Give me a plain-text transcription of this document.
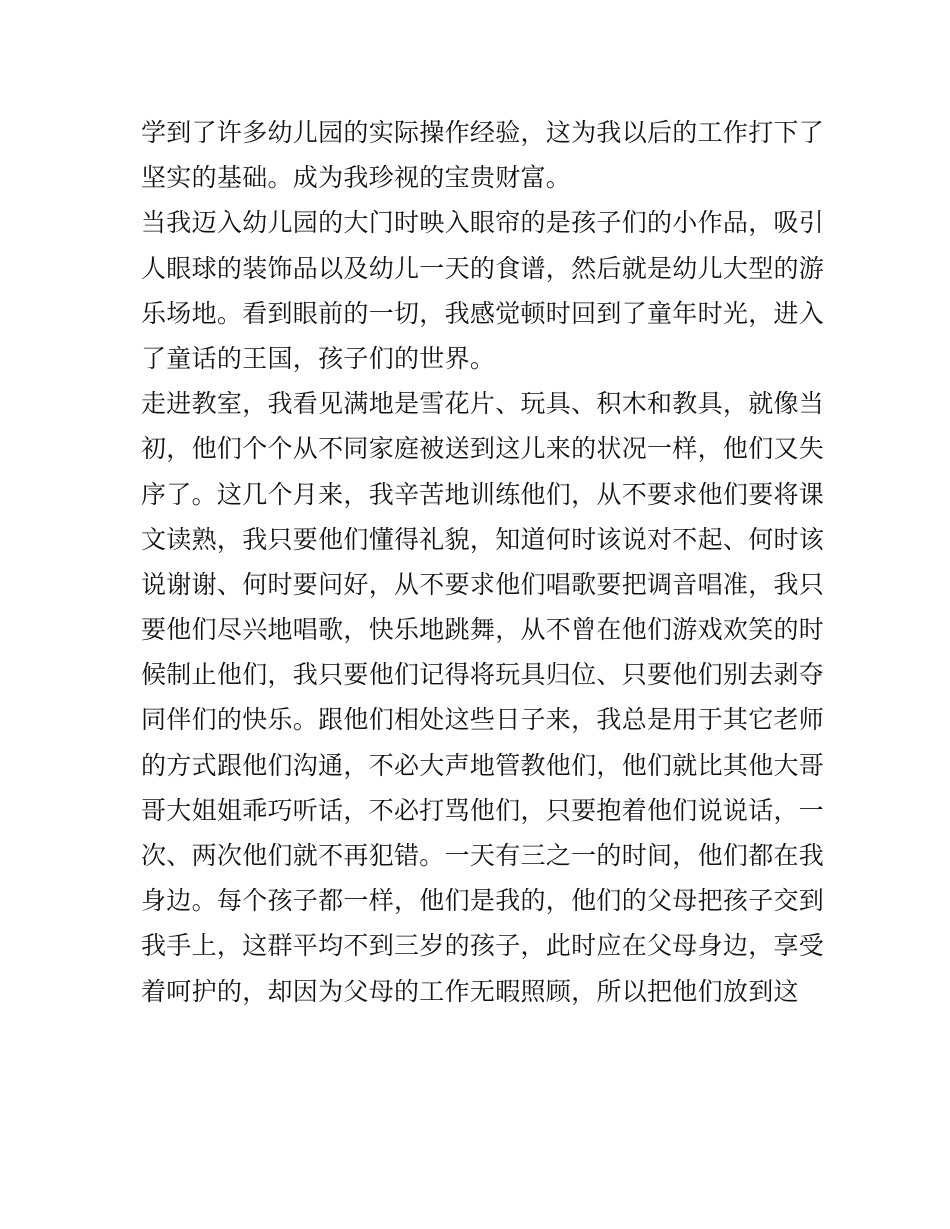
学到了许多幼儿园的实际操作经验，这为我以后的工作打下了
坚实的基础。成为我珍视的宝贵财富。
当我迈入幼儿园的大门时映入眼帘的是孩子们的小作品，吸引
人眼球的装饰品以及幼儿一天的食谱，然后就是幼儿大型的游
乐场地。看到眼前的一切，我感觉顿时回到了童年时光，进入
了童话的王国，孩子们的世界。
走进教室，我看见满地是雪花片、玩具、积木和教具，就像当
初，他们个个从不同家庭被送到这儿来的状况一样，他们又失
序了。这几个月来，我辛苦地训练他们，从不要求他们要将课
文读熟，我只要他们懂得礼貌，知道何时该说对不起、何时该
说谢谢、何时要问好，从不要求他们唱歌要把调音唱准，我只
要他们尽兴地唱歌，快乐地跳舞，从不曾在他们游戏欢笑的时
候制止他们，我只要他们记得将玩具归位、只要他们别去剥夺
同伴们的快乐。跟他们相处这些日子来，我总是用于其它老师
的方式跟他们沟通，不必大声地管教他们，他们就比其他大哥
哥大姐姐乖巧听话，不必打骂他们，只要抱着他们说说话，一
次、两次他们就不再犯错。一天有三之一的时间，他们都在我
身边。每个孩子都一样，他们是我的，他们的父母把孩子交到
我手上，这群平均不到三岁的孩子，此时应在父母身边，享受
着呵护的，却因为父母的工作无暇照顾，所以把他们放到这
